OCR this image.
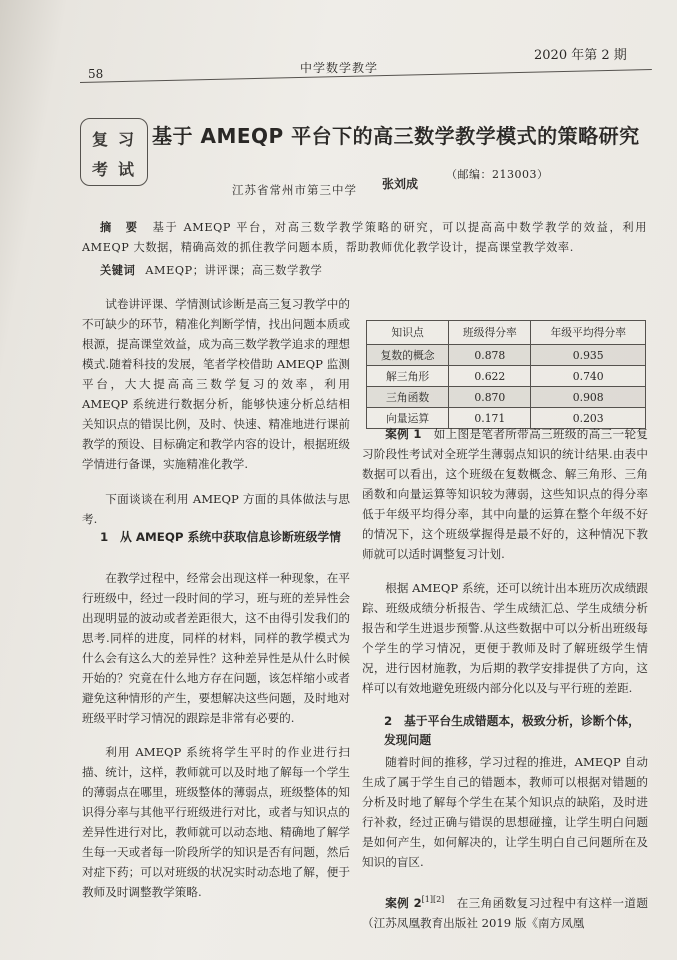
58	中学数学教学
2020 年第 2 期
复 习
考 试
基于 AMEQP 平台下的高三数学教学模式的策略研究
江苏省常州市第三中学 张刘成
（邮编：213003）
摘　要 基于 AMEQP 平台，对高三数学教学策略的研究，可以提高高中数学教学的效益，利用 AMEQP 大数据，精确高效的抓住教学问题本质，帮助教师优化教学设计，提高课堂教学效率.
关键词 AMEQP；讲评课；高三数学教学

试卷讲评课、学情测试诊断是高三复习教学中的不可缺少的环节，精准化判断学情，找出问题本质或根源，提高课堂效益，成为高三数学教学追求的理想模式.随着科技的发展，笔者学校借助 AMEQP 监测平台，大大提高高三数学复习的效率，利用 AMEQP 系统进行数据分析，能够快速分析总结相关知识点的错误比例，及时、快速、精准地进行课前教学的预设、目标确定和教学内容的设计，根据班级学情进行备课，实施精准化教学.

下面谈谈在利用 AMEQP 方面的具体做法与思考.

1　从 AMEQP 系统中获取信息诊断班级学情

在教学过程中，经常会出现这样一种现象，在平行班级中，经过一段时间的学习，班与班的差异性会出现明显的波动或者差距很大，这不由得引发我们的思考.同样的进度，同样的材料，同样的教学模式为什么会有这么大的差异性？这种差异性是从什么时候开始的？究竟在什么地方存在问题，该怎样缩小或者避免这种情形的产生，要想解决这些问题，及时地对班级平时学习情况的跟踪是非常有必要的.

利用 AMEQP 系统将学生平时的作业进行扫描、统计，这样，教师就可以及时地了解每一个学生的薄弱点在哪里，班级整体的薄弱点，班级整体的知识得分率与其他平行班级进行对比，或者与知识点的差异性进行对比，教师就可以动态地、精确地了解学生每一天或者每一阶段所学的知识是否有问题，然后对症下药；可以对班级的状况实时动态地了解，便于教师及时调整教学策略.

知识点	班级得分率	年级平均得分率
复数的概念	0.878	0.935
解三角形	0.622	0.740
三角函数	0.870	0.908
向量运算	0.171	0.203

案例 1　 如上图是笔者所带高三班级的高三一轮复习阶段性考试对全班学生薄弱点知识的统计结果.由表中数据可以看出，这个班级在复数概念、解三角形、三角函数和向量运算等知识较为薄弱，这些知识点的得分率低于年级平均得分率，其中向量的运算在整个年级不好的情况下，这个班级掌握得是最不好的，这种情况下教师就可以适时调整复习计划.

根据 AMEQP 系统，还可以统计出本班历次成绩跟踪、班级成绩分析报告、学生成绩汇总、学生成绩分析报告和学生进退步预警.从这些数据中可以分析出班级每个学生的学习情况，更便于教师及时了解班级学生情况，进行因材施教，为后期的教学安排提供了方向，这样可以有效地避免班级内部分化以及与平行班的差距.

2　基于平台生成错题本，极致分析，诊断个体，发现问题

随着时间的推移，学习过程的推进，AMEQP 自动生成了属于学生自己的错题本，教师可以根据对错题的分析及时地了解每个学生在某个知识点的缺陷，及时进行补救，经过正确与错误的思想碰撞，让学生明白问题是如何产生，如何解决的，让学生明白自己问题所在及知识的盲区.

案例 2[1][2]　 在三角函数复习过程中有这样一道题（江苏凤凰教育出版社 2019 版《南方凤凰
